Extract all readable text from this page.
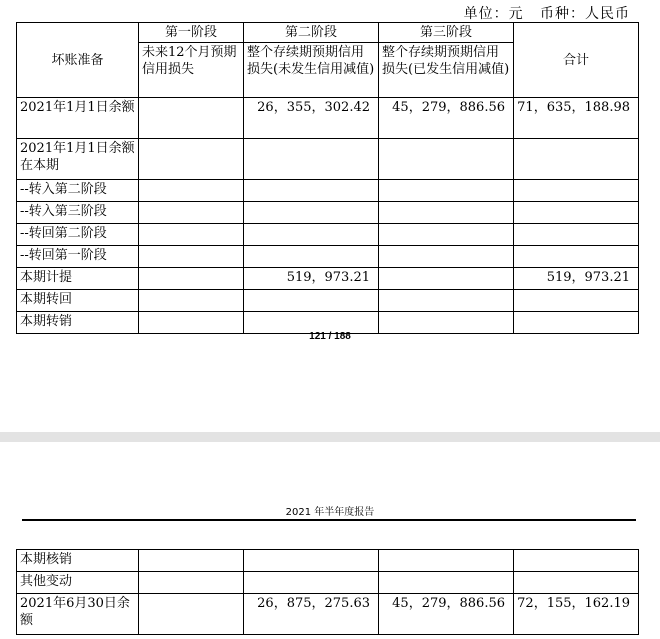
单位：元 币种：人民币
坏账准备	第一阶段	第二阶段	第三阶段	合计
	未来12个月预期信用损失	整个存续期预期信用损失(未发生信用减值)	整个存续期预期信用损失(已发生信用减值)	
2021年1月1日余额		26，355，302.42	45，279，886.56	71，635，188.98
2021年1月1日余额在本期				
--转入第二阶段				
--转入第三阶段				
--转回第二阶段				
--转回第一阶段				
本期计提		519，973.21		519，973.21
本期转回				
本期转销				
121 / 188
2021 年半年度报告
本期核销				
其他变动				
2021年6月30日余额		26，875，275.63	45，279，886.56	72，155，162.19
